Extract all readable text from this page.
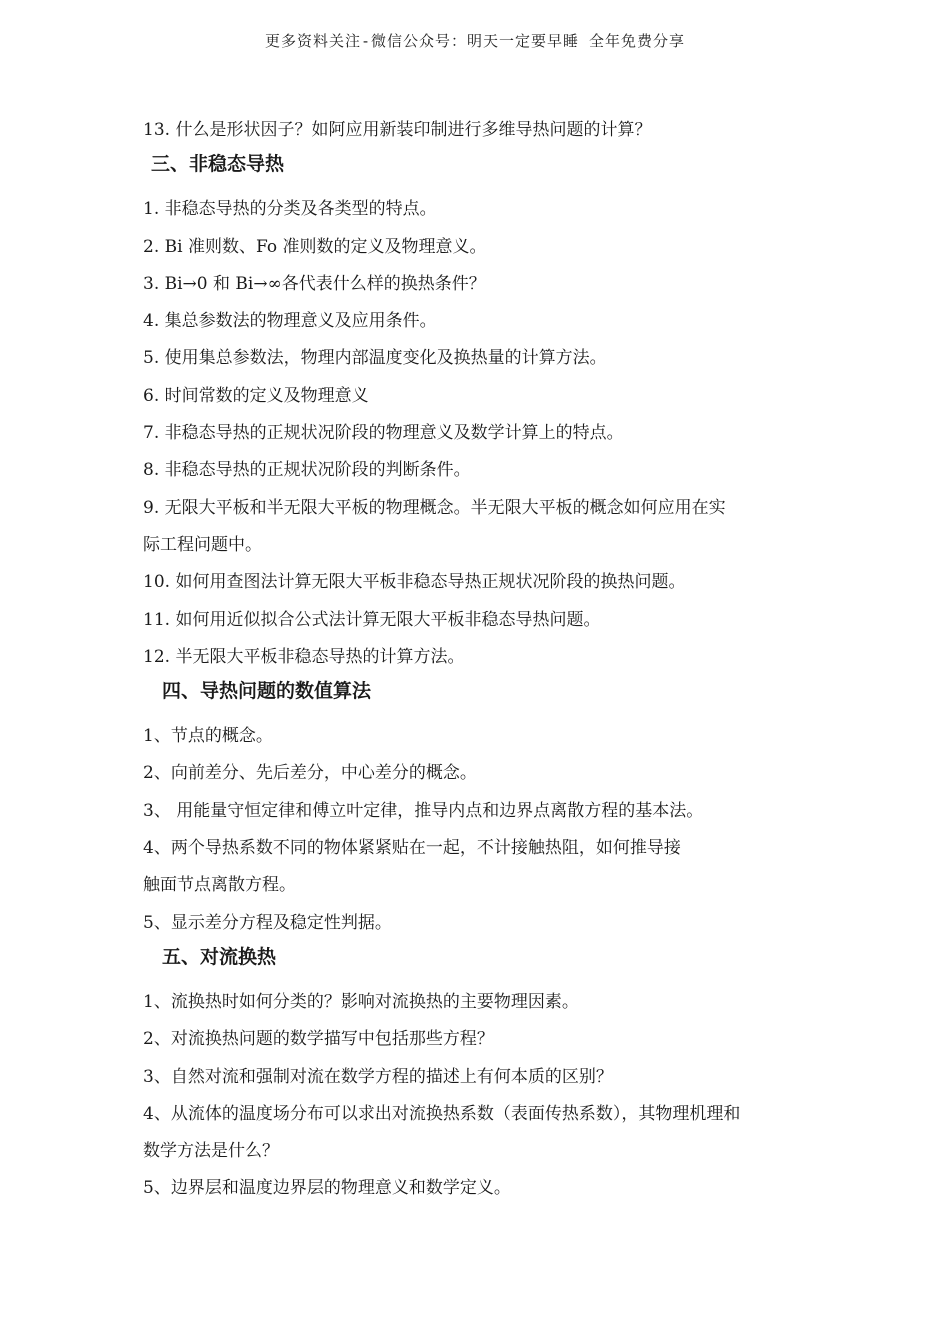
更多资料关注-微信公众号：明天一定要早睡 全年免费分享
13. 什么是形状因子？如阿应用新装印制进行多维导热问题的计算？
三、非稳态导热
1. 非稳态导热的分类及各类型的特点。
2. Bi 准则数、Fo 准则数的定义及物理意义。
3. Bi→0 和 Bi→∞各代表什么样的换热条件？
4. 集总参数法的物理意义及应用条件。
5. 使用集总参数法，物理内部温度变化及换热量的计算方法。
6. 时间常数的定义及物理意义
7. 非稳态导热的正规状况阶段的物理意义及数学计算上的特点。
8. 非稳态导热的正规状况阶段的判断条件。
9. 无限大平板和半无限大平板的物理概念。半无限大平板的概念如何应用在实
际工程问题中。
10. 如何用查图法计算无限大平板非稳态导热正规状况阶段的换热问题。
11. 如何用近似拟合公式法计算无限大平板非稳态导热问题。
12. 半无限大平板非稳态导热的计算方法。
四、导热问题的数值算法
1、节点的概念。
2、向前差分、先后差分，中心差分的概念。
3、 用能量守恒定律和傅立叶定律，推导内点和边界点离散方程的基本法。
4、两个导热系数不同的物体紧紧贴在一起，不计接触热阻，如何推导接
触面节点离散方程。
5、显示差分方程及稳定性判据。
五、对流换热
1、流换热时如何分类的？影响对流换热的主要物理因素。
2、对流换热问题的数学描写中包括那些方程？
3、自然对流和强制对流在数学方程的描述上有何本质的区别？
4、从流体的温度场分布可以求出对流换热系数（表面传热系数），其物理机理和
数学方法是什么？
5、边界层和温度边界层的物理意义和数学定义。
